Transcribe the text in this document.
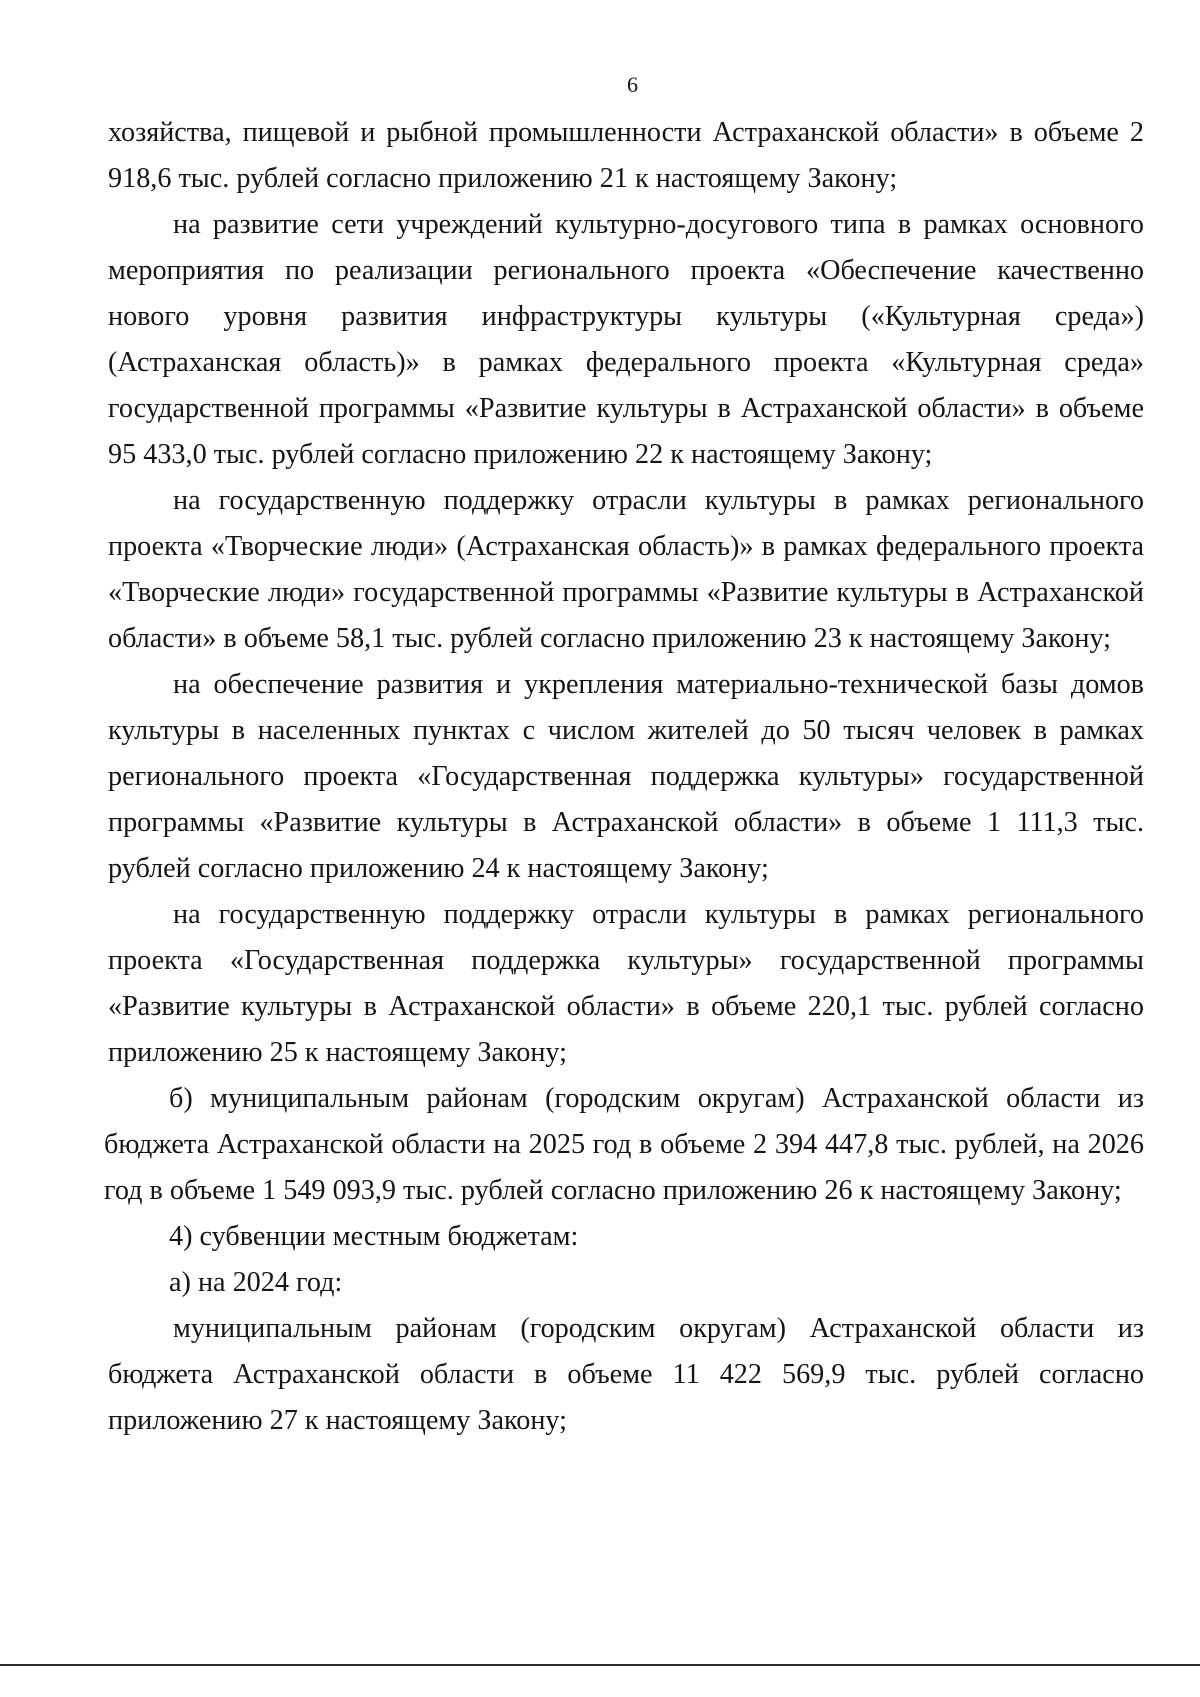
6

хозяйства, пищевой и рыбной промышленности Астраханской области» в объеме 2 918,6 тыс. рублей согласно приложению 21 к настоящему Закону;

на развитие сети учреждений культурно-досугового типа в рамках основного мероприятия по реализации регионального проекта «Обеспечение качественно нового уровня развития инфраструктуры культуры («Культурная среда») (Астраханская область)» в рамках федерального проекта «Культурная среда» государственной программы «Развитие культуры в Астраханской области» в объеме 95 433,0 тыс. рублей согласно приложению 22 к настоящему Закону;

на государственную поддержку отрасли культуры в рамках регионального проекта «Творческие люди» (Астраханская область)» в рамках федерального проекта «Творческие люди» государственной программы «Развитие культуры в Астраханской области» в объеме 58,1 тыс. рублей согласно приложению 23 к настоящему Закону;

на обеспечение развития и укрепления материально-технической базы домов культуры в населенных пунктах с числом жителей до 50 тысяч человек в рамках регионального проекта «Государственная поддержка культуры» государственной программы «Развитие культуры в Астраханской области» в объеме 1 111,3 тыс. рублей согласно приложению 24 к настоящему Закону;

на государственную поддержку отрасли культуры в рамках регионального проекта «Государственная поддержка культуры» государственной программы «Развитие культуры в Астраханской области» в объеме 220,1 тыс. рублей согласно приложению 25 к настоящему Закону;

б) муниципальным районам (городским округам) Астраханской области из бюджета Астраханской области на 2025 год в объеме 2 394 447,8 тыс. рублей, на 2026 год в объеме 1 549 093,9 тыс. рублей согласно приложению 26 к настоящему Закону;

4) субвенции местным бюджетам:

а) на 2024 год:

муниципальным районам (городским округам) Астраханской области из бюджета Астраханской области в объеме 11 422 569,9 тыс. рублей согласно приложению 27 к настоящему Закону;
